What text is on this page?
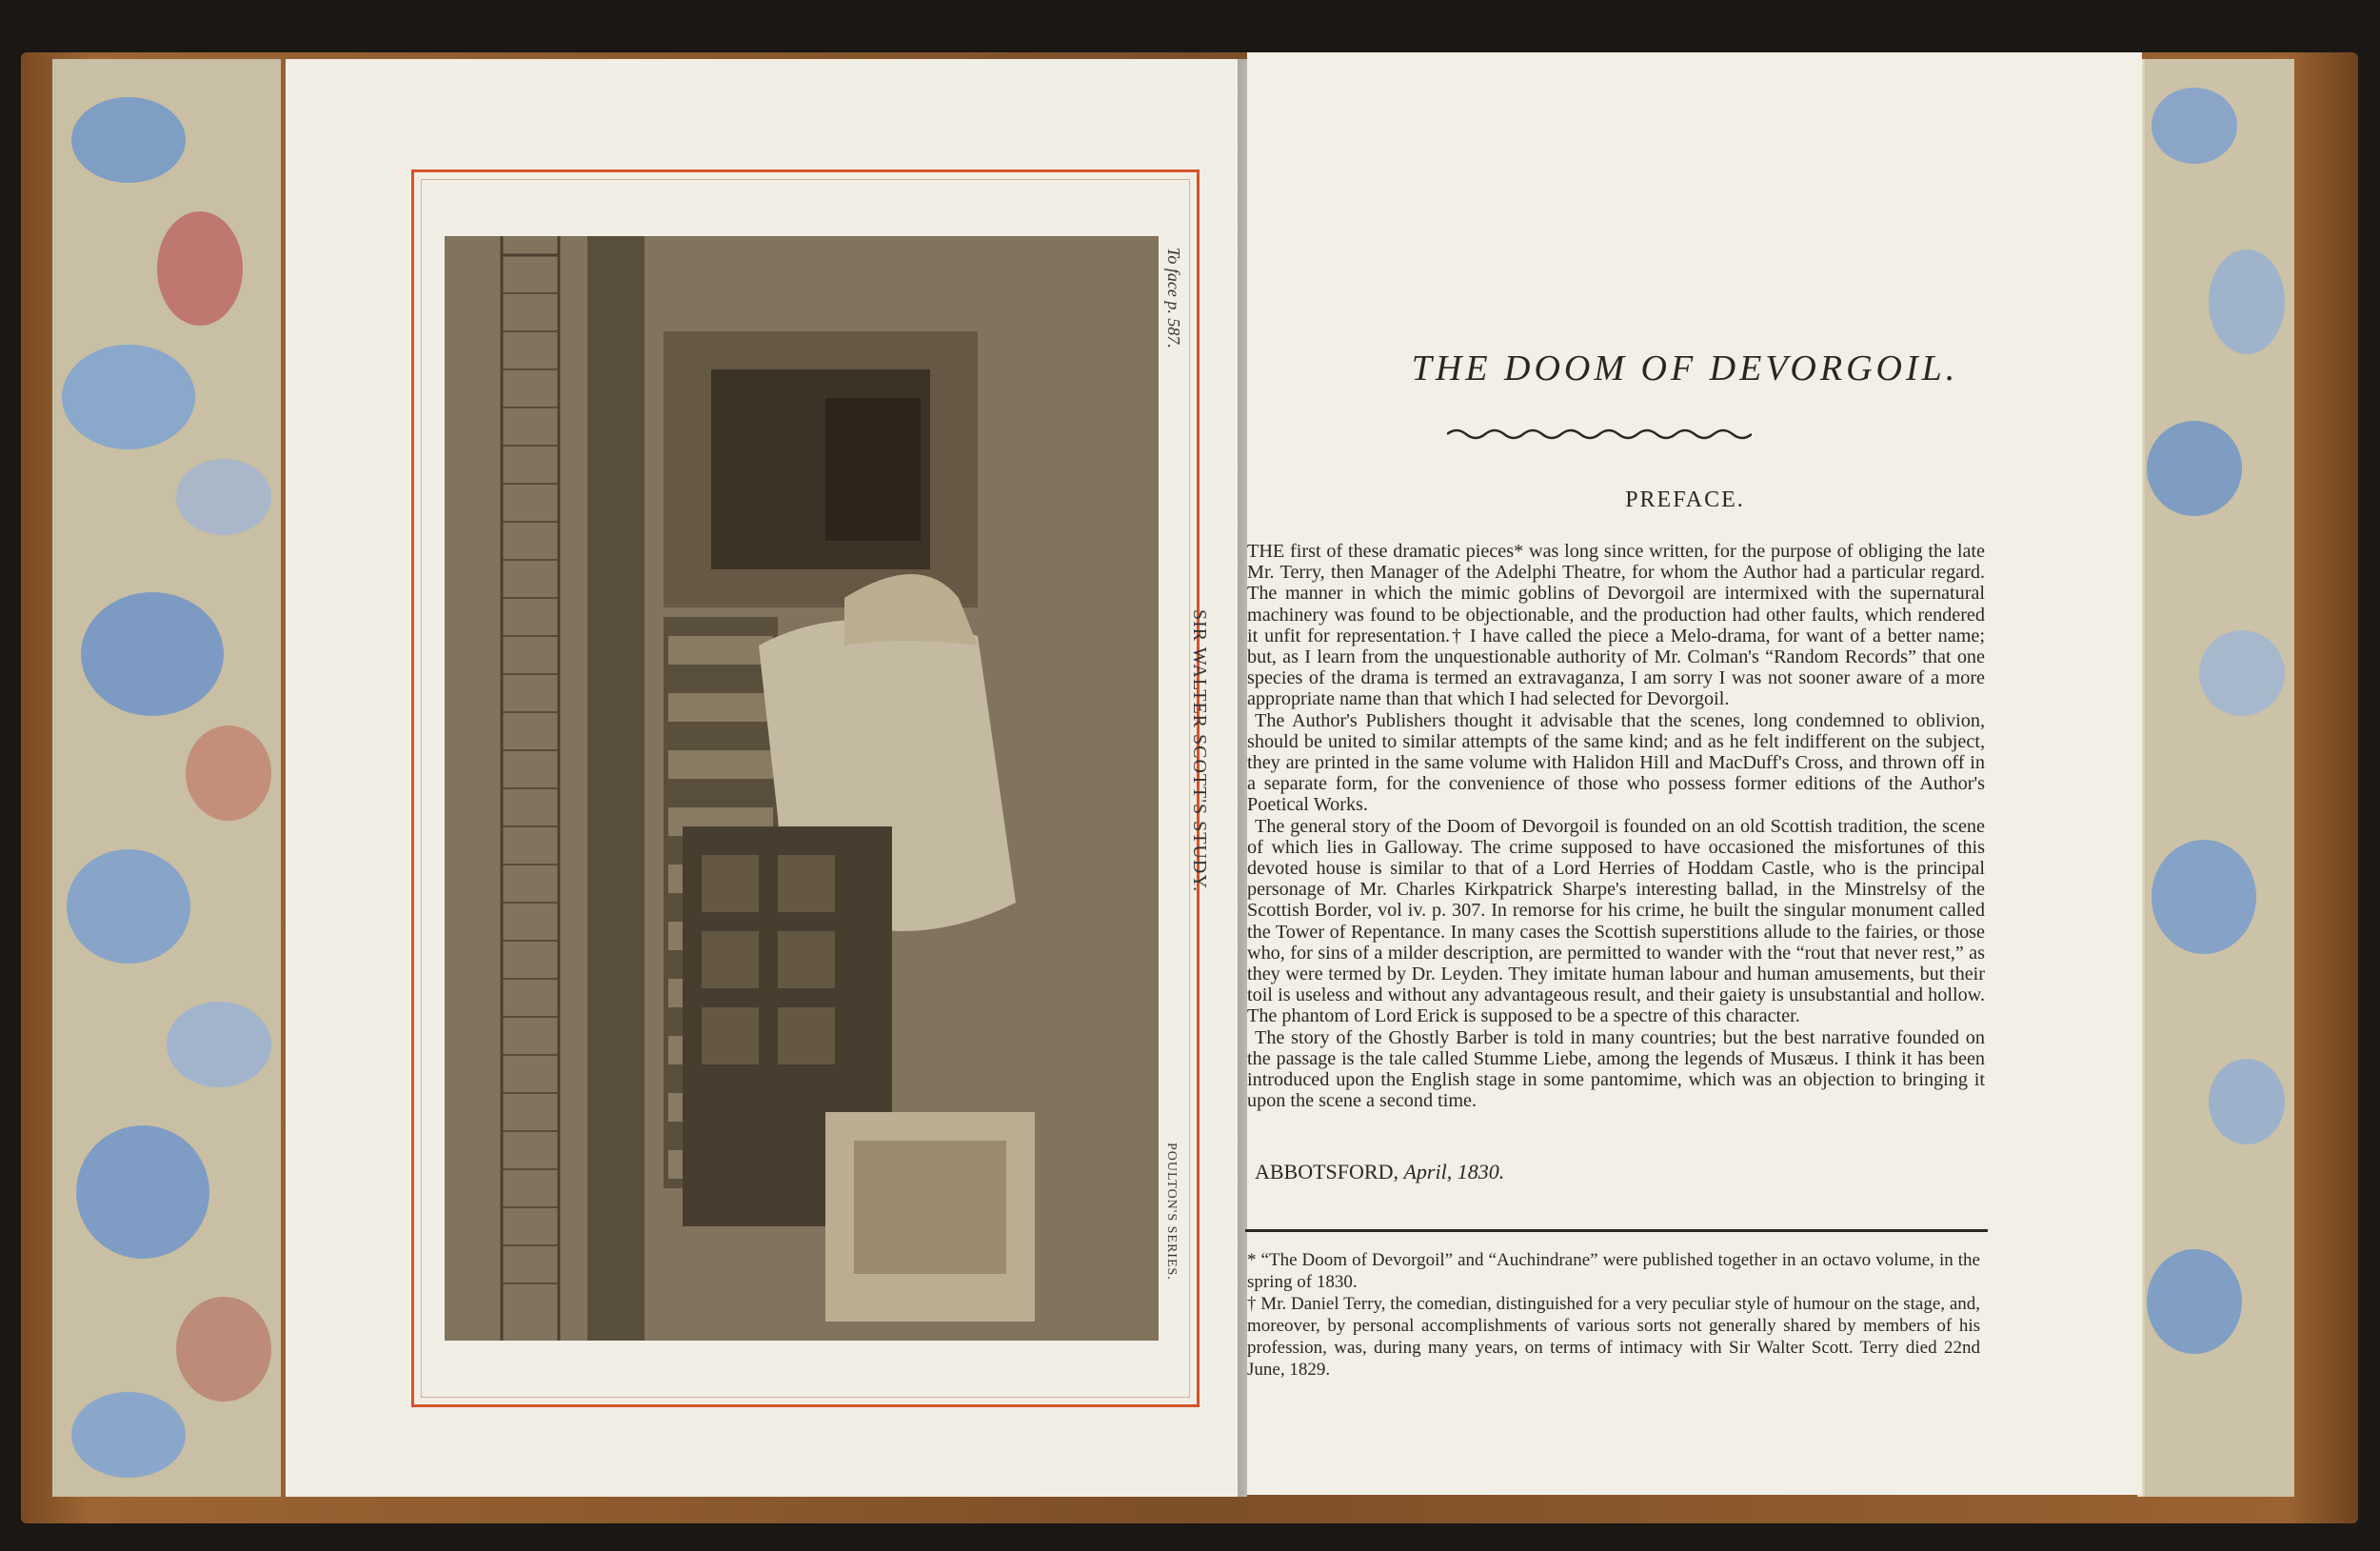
To face p. 587.
SIR WALTER SCOTT'S STUDY.
POULTON'S SERIES.
THE DOOM OF DEVORGOIL.
PREFACE.

THE first of these dramatic pieces* was long since written, for the purpose of obliging the late Mr. Terry, then Manager of the Adelphi Theatre, for whom the Author had a particular regard. The manner in which the mimic goblins of Devorgoil are intermixed with the supernatural machinery was found to be objectionable, and the production had other faults, which rendered it unfit for representation.† I have called the piece a Melo-drama, for want of a better name; but, as I learn from the unquestionable authority of Mr. Colman's “Random Records” that one species of the drama is termed an extravaganza, I am sorry I was not sooner aware of a more appropriate name than that which I had selected for Devorgoil.

The Author's Publishers thought it advisable that the scenes, long condemned to oblivion, should be united to similar attempts of the same kind; and as he felt indifferent on the subject, they are printed in the same volume with Halidon Hill and MacDuff's Cross, and thrown off in a separate form, for the convenience of those who possess former editions of the Author's Poetical Works.

The general story of the Doom of Devorgoil is founded on an old Scottish tradition, the scene of which lies in Galloway. The crime supposed to have occasioned the misfortunes of this devoted house is similar to that of a Lord Herries of Hoddam Castle, who is the principal personage of Mr. Charles Kirkpatrick Sharpe's interesting ballad, in the Minstrelsy of the Scottish Border, vol iv. p. 307. In remorse for his crime, he built the singular monument called the Tower of Repentance. In many cases the Scottish superstitions allude to the fairies, or those who, for sins of a milder description, are permitted to wander with the “rout that never rest,” as they were termed by Dr. Leyden. They imitate human labour and human amusements, but their toil is useless and without any advantageous result, and their gaiety is unsubstantial and hollow. The phantom of Lord Erick is supposed to be a spectre of this character.

The story of the Ghostly Barber is told in many countries; but the best narrative founded on the passage is the tale called Stumme Liebe, among the legends of Musæus. I think it has been introduced upon the English stage in some pantomime, which was an objection to bringing it upon the scene a second time.

ABBOTSFORD, April, 1830.

* “The Doom of Devorgoil” and “Auchindrane” were published together in an octavo volume, in the spring of 1830.

† Mr. Daniel Terry, the comedian, distinguished for a very peculiar style of humour on the stage, and, moreover, by personal accomplishments of various sorts not generally shared by members of his profession, was, during many years, on terms of intimacy with Sir Walter Scott. Terry died 22nd June, 1829.
